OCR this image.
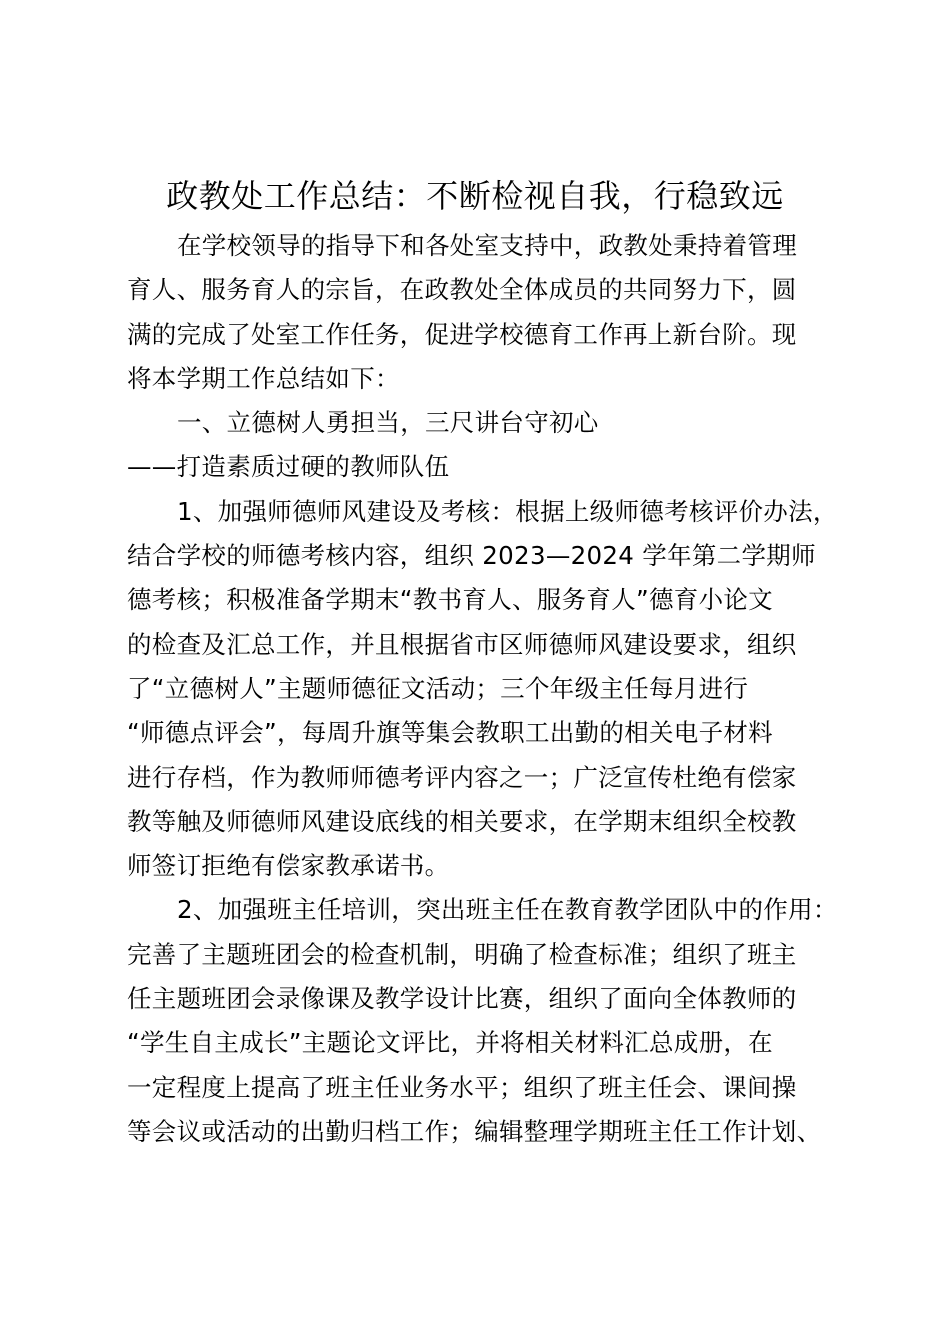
政教处工作总结：不断检视自我，行稳致远
在学校领导的指导下和各处室支持中，政教处秉持着管理
育人、服务育人的宗旨，在政教处全体成员的共同努力下，圆
满的完成了处室工作任务，促进学校德育工作再上新台阶。现
将本学期工作总结如下：
一、立德树人勇担当，三尺讲台守初心
——打造素质过硬的教师队伍
1、加强师德师风建设及考核：根据上级师德考核评价办法，
结合学校的师德考核内容，组织 2023—2024 学年第二学期师
德考核；积极准备学期末“教书育人、服务育人”德育小论文
的检查及汇总工作，并且根据省市区师德师风建设要求，组织
了“立德树人”主题师德征文活动；三个年级主任每月进行
“师德点评会”，每周升旗等集会教职工出勤的相关电子材料
进行存档，作为教师师德考评内容之一；广泛宣传杜绝有偿家
教等触及师德师风建设底线的相关要求，在学期末组织全校教
师签订拒绝有偿家教承诺书。
2、加强班主任培训，突出班主任在教育教学团队中的作用：
完善了主题班团会的检查机制，明确了检查标准；组织了班主
任主题班团会录像课及教学设计比赛，组织了面向全体教师的
“学生自主成长”主题论文评比，并将相关材料汇总成册，在
一定程度上提高了班主任业务水平；组织了班主任会、课间操
等会议或活动的出勤归档工作；编辑整理学期班主任工作计划、
